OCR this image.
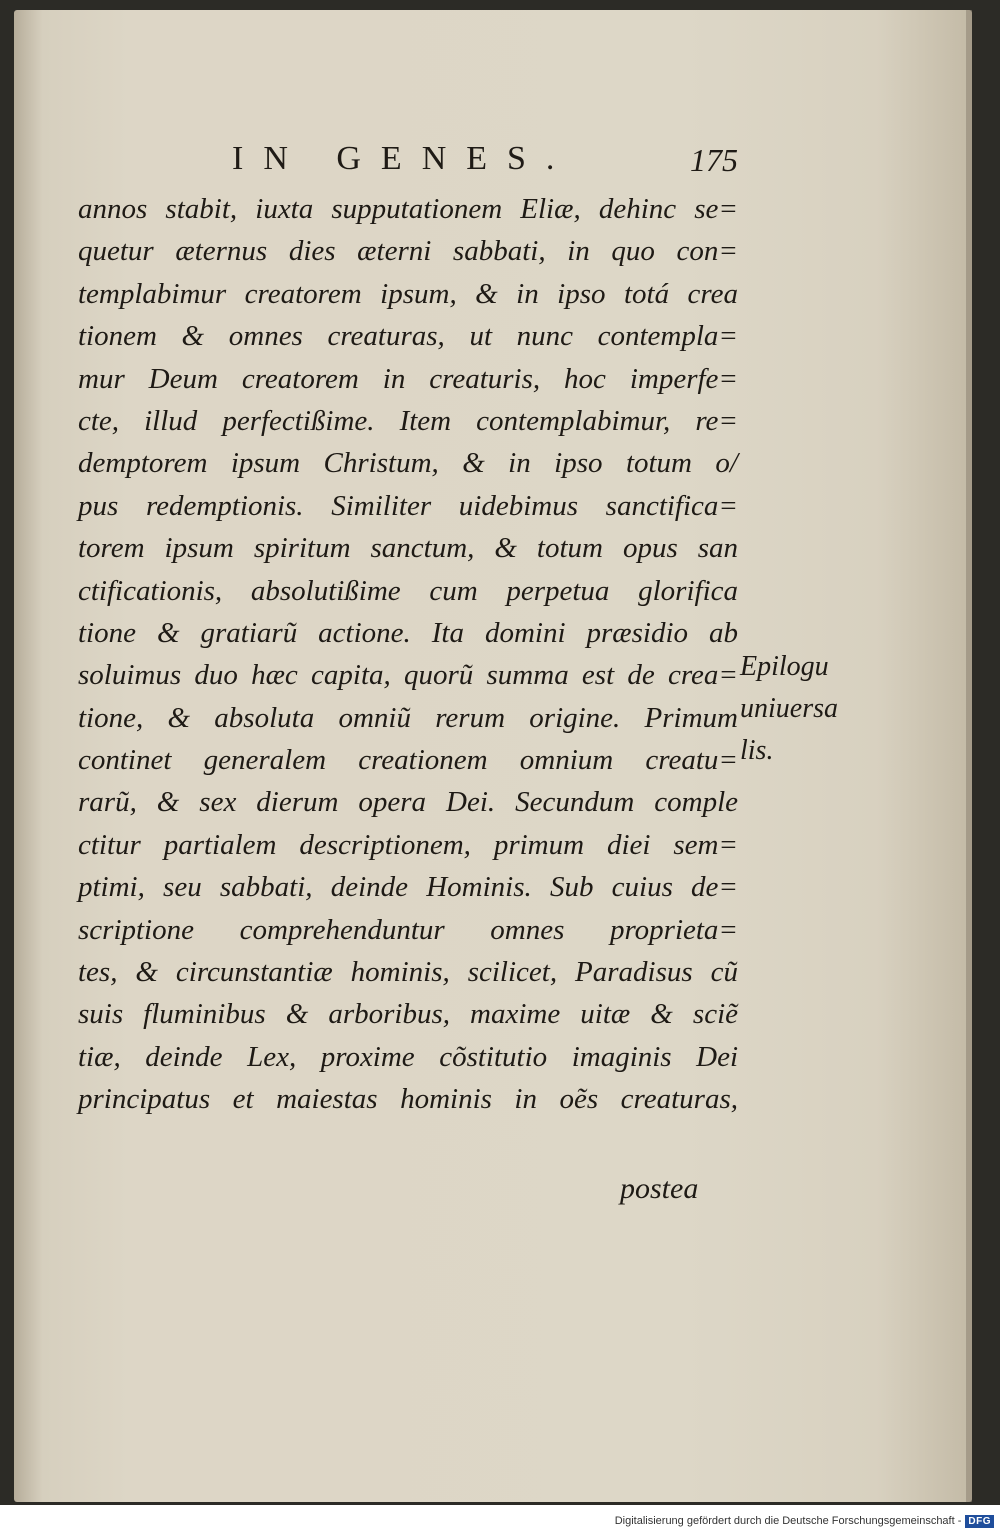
IN GENES.	175
annos stabit, iuxta supputationem Eliæ, dehinc se=
quetur æternus dies æterni sabbati, in quo con=
templabimur creatorem ipsum, & in ipso totá crea
tionem & omnes creaturas, ut nunc contempla=
mur Deum creatorem in creaturis, hoc imperfe=
cte, illud perfectißime. Item contemplabimur, re=
demptorem ipsum Christum, & in ipso totum o/
pus redemptionis. Similiter uidebimus sanctifica=
torem ipsum spiritum sanctum, & totum opus san
ctificationis, absolutißime cum perpetua glorifica
tione & gratiarũ actione. Ita domini præsidio ab
soluimus duo hæc capita, quorũ summa est de crea=
tione, & absoluta omniũ rerum origine. Primum
continet generalem creationem omnium creatu=
rarũ, & sex dierum opera Dei. Secundum comple
ctitur partialem descriptionem, primum diei sem=
ptimi, seu sabbati, deinde Hominis. Sub cuius de=
scriptione comprehenduntur omnes proprieta=
tes, & circunstantiæ hominis, scilicet, Paradisus cũ
suis fluminibus & arboribus, maxime uitæ & sciẽ
tiæ, deinde Lex, proxime cõstitutio imaginis Dei
principatus et maiestas hominis in oẽs creaturas,
postea
Epilogu
uniuersa
lis.
Digitalisierung gefördert durch die Deutsche Forschungsgemeinschaft - DFG
